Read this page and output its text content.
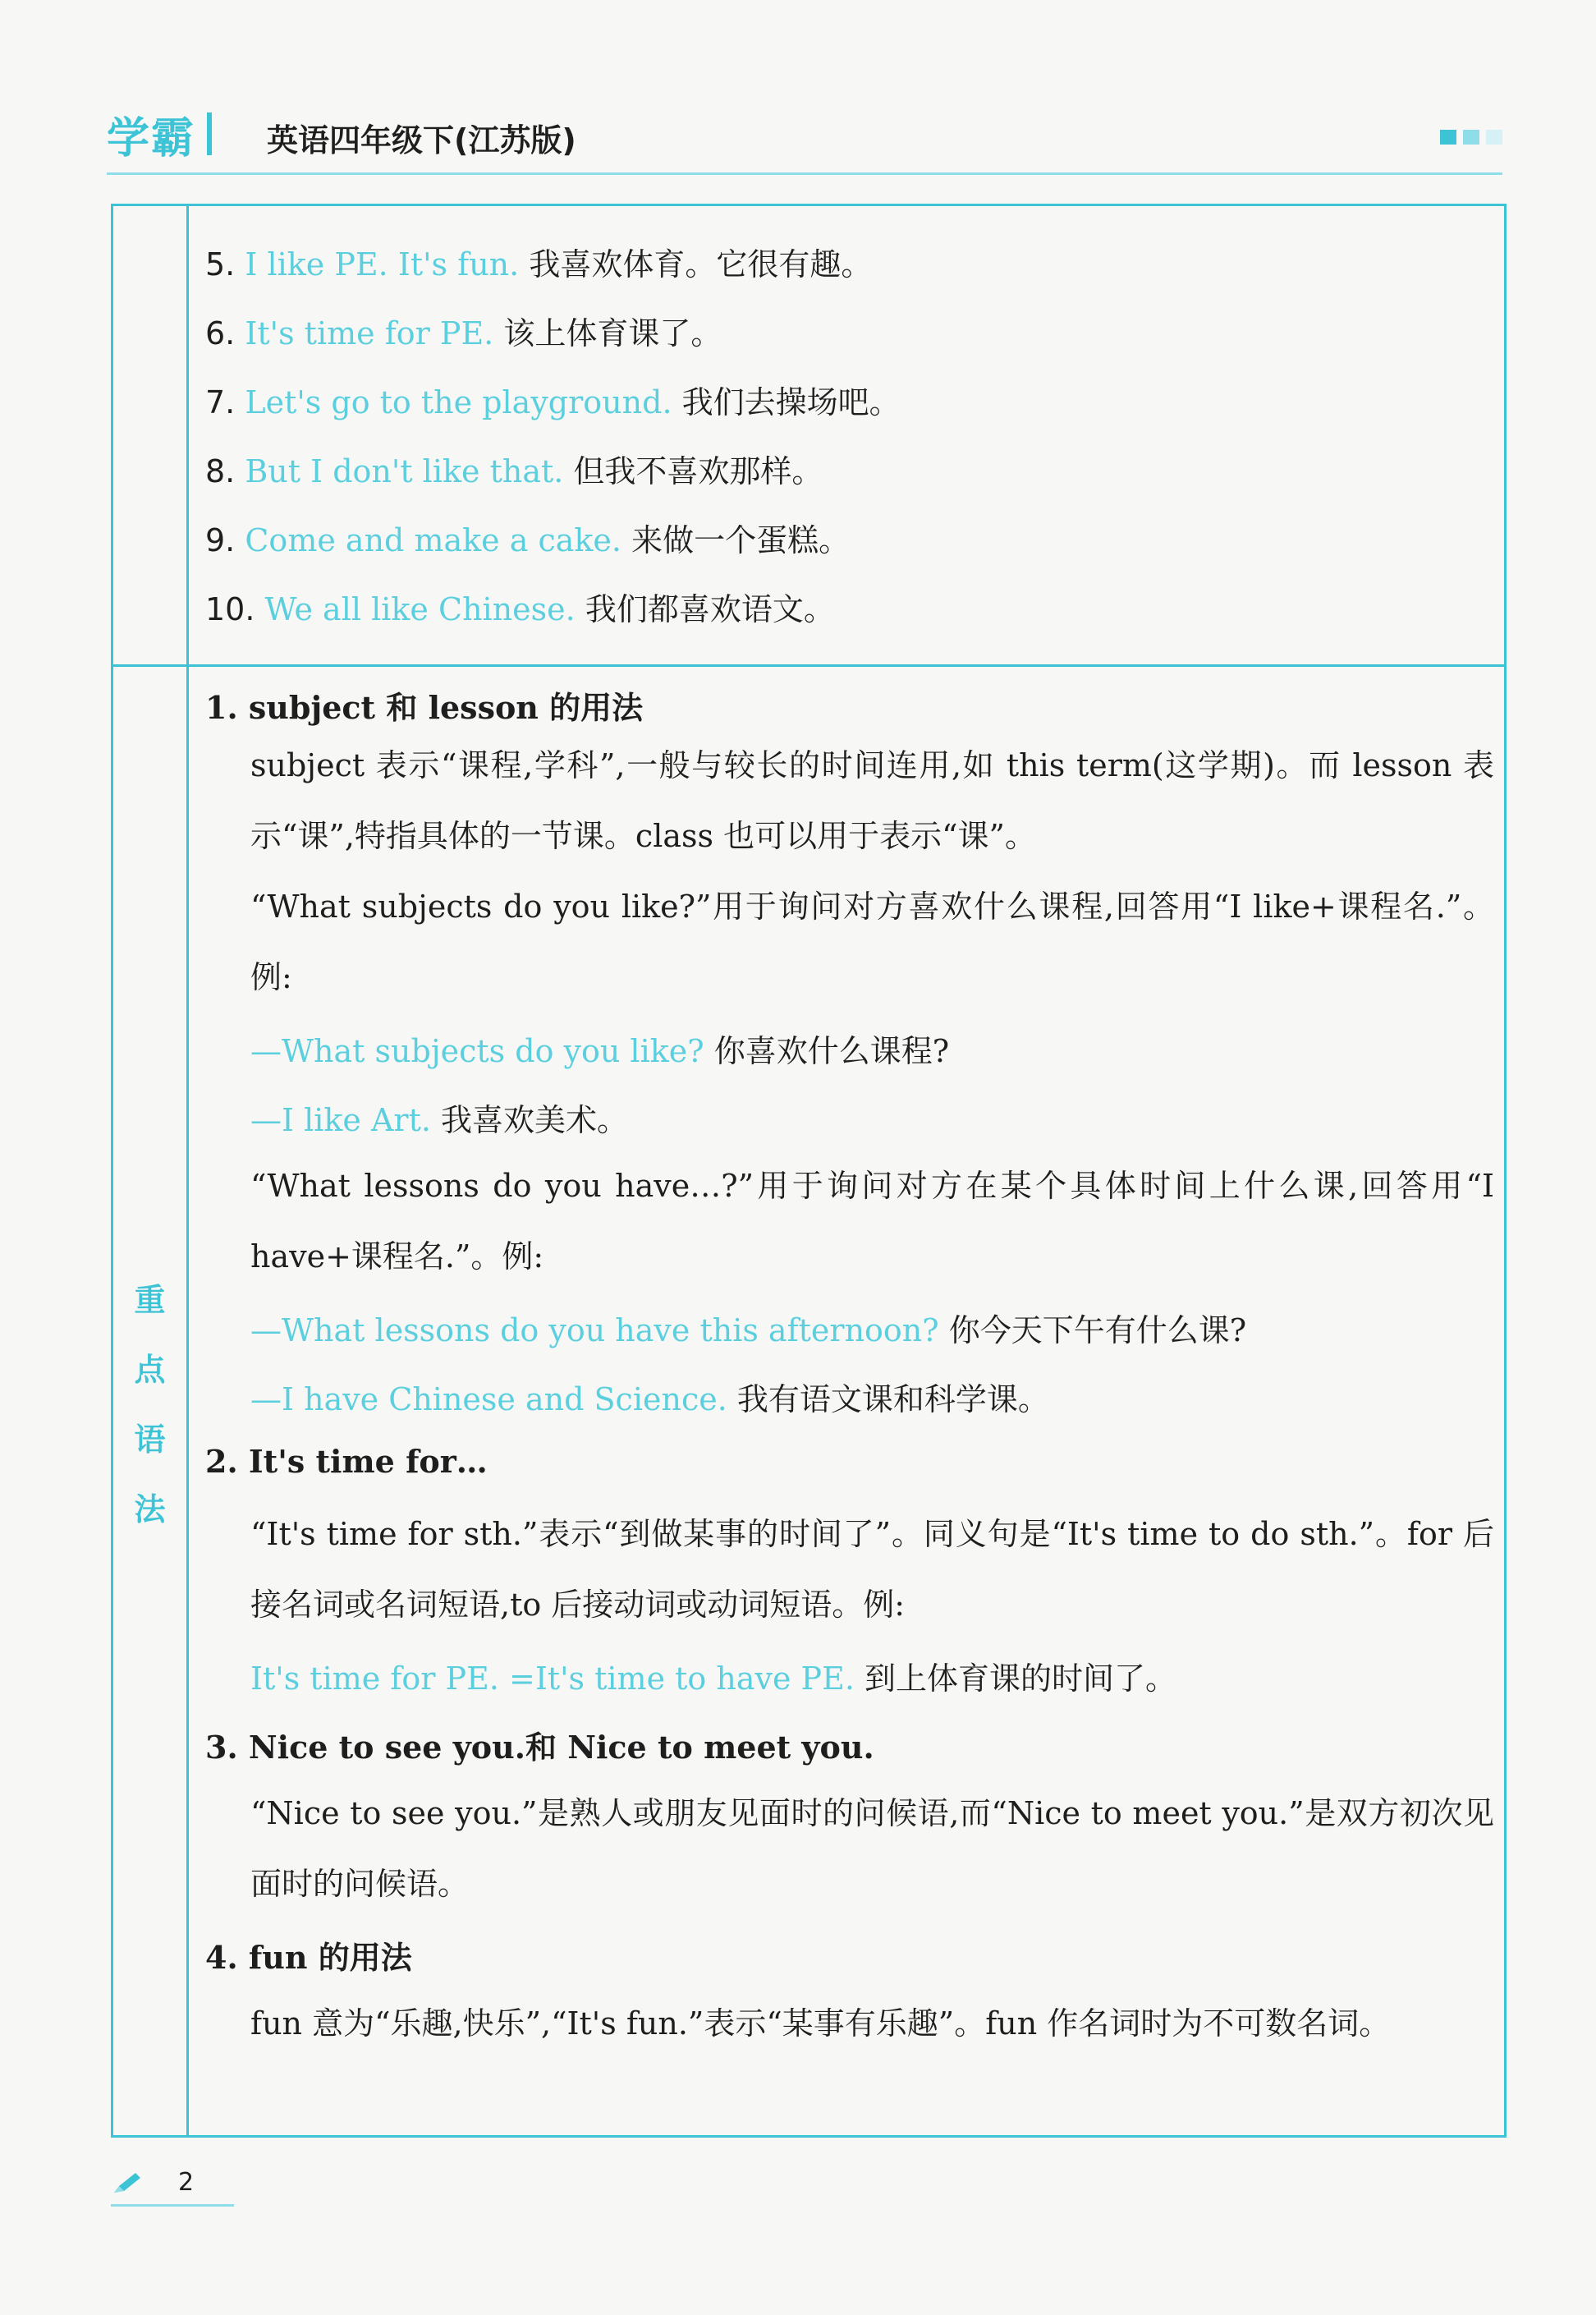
学霸 英语四年级下(江苏版)
重
点
语
法
5. I like PE. It's fun. 我喜欢体育。它很有趣。
6. It's time for PE. 该上体育课了。
7. Let's go to the playground. 我们去操场吧。
8. But I don't like that. 但我不喜欢那样。
9. Come and make a cake. 来做一个蛋糕。
10. We all like Chinese. 我们都喜欢语文。
1. subject 和 lesson 的用法
subject 表示“课程,学科”,一般与较长的时间连用,如 this term(这学期)。而 lesson 表示“课”,特指具体的一节课。class 也可以用于表示“课”。
“What subjects do you like?”用于询问对方喜欢什么课程,回答用“I like+课程名.”。例:
—What subjects do you like? 你喜欢什么课程?
—I like Art. 我喜欢美术。
“What lessons do you have…?”用于询问对方在某个具体时间上什么课,回答用“I have+课程名.”。例:
—What lessons do you have this afternoon? 你今天下午有什么课?
—I have Chinese and Science. 我有语文课和科学课。
2. It's time for…
“It's time for sth.”表示“到做某事的时间了”。同义句是“It's time to do sth.”。for 后接名词或名词短语,to 后接动词或动词短语。例:
It's time for PE. =It's time to have PE. 到上体育课的时间了。
3. Nice to see you.和 Nice to meet you.
“Nice to see you.”是熟人或朋友见面时的问候语,而“Nice to meet you.”是双方初次见面时的问候语。
4. fun 的用法
fun 意为“乐趣,快乐”,“It's fun.”表示“某事有乐趣”。fun 作名词时为不可数名词。
2
